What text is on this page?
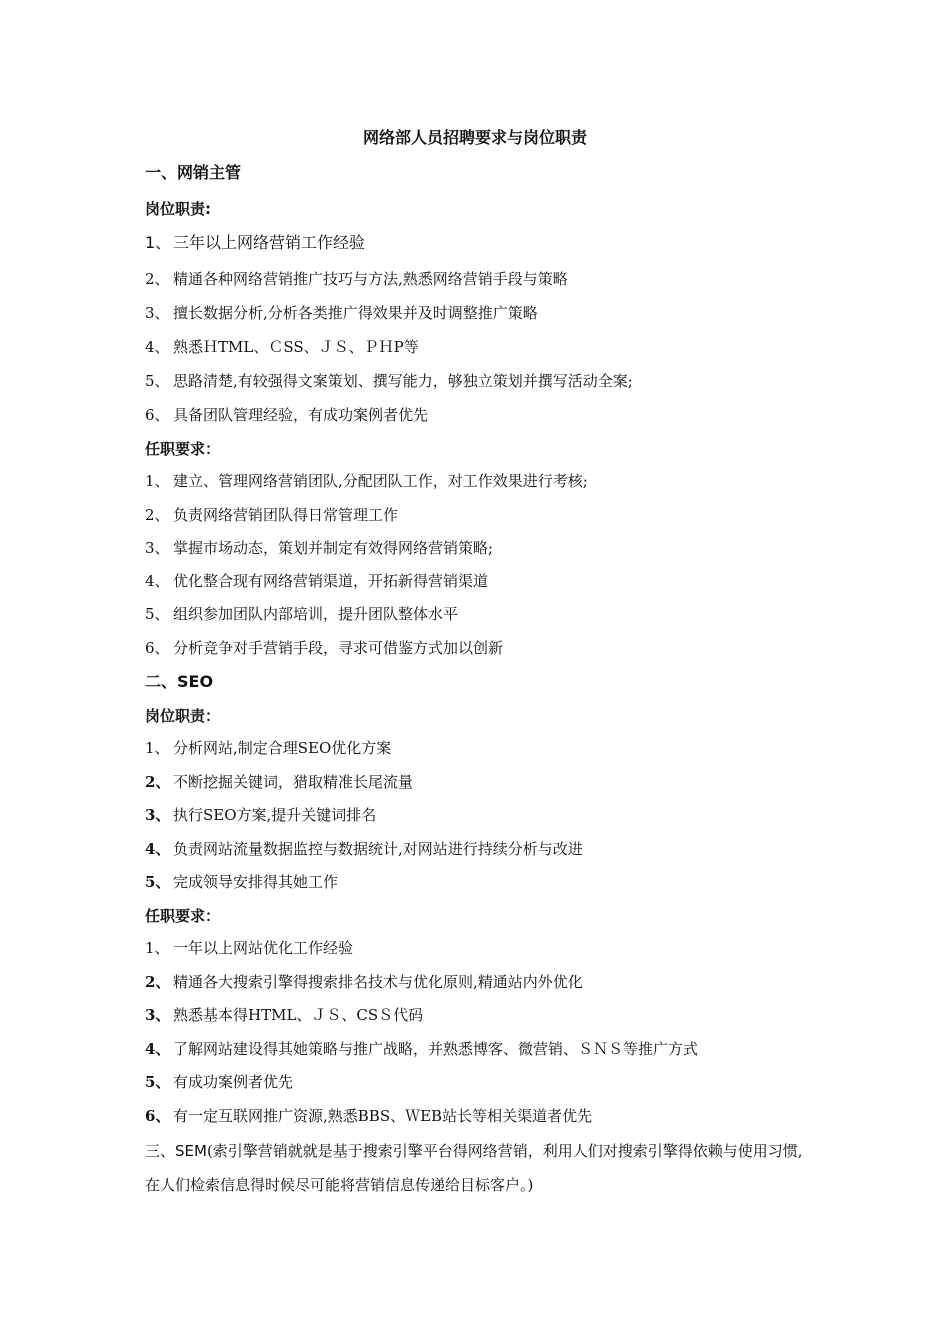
网络部人员招聘要求与岗位职责
一、网销主管
岗位职责:
1、 三年以上网络营销工作经验
2、 精通各种网络营销推广技巧与方法,熟悉网络营销手段与策略
3、 擅长数据分析,分析各类推广得效果并及时调整推广策略
4、 熟悉ＨTML、ＣSS、ＪＳ、ＰＨP等
5、 思路清楚,有较强得文案策划、撰写能力，够独立策划并撰写活动全案;
6、 具备团队管理经验，有成功案例者优先
任职要求：
1、 建立、管理网络营销团队,分配团队工作，对工作效果进行考核;
2、 负责网络营销团队得日常管理工作
3、 掌握市场动态，策划并制定有效得网络营销策略;
4、 优化整合现有网络营销渠道，开拓新得营销渠道
5、 组织参加团队内部培训，提升团队整体水平
6、 分析竞争对手营销手段，寻求可借鉴方式加以创新
二、SEO
岗位职责：
1、 分析网站,制定合理SEO优化方案
2、 不断挖掘关键词，猎取精准长尾流量
3、 执行SEO方案,提升关键词排名
4、 负责网站流量数据监控与数据统计,对网站进行持续分析与改进
5、 完成领导安排得其她工作
任职要求：
1、 一年以上网站优化工作经验
2、 精通各大搜索引擎得搜索排名技术与优化原则,精通站内外优化
3、 熟悉基本得HTML、ＪＳ、CSＳ代码
4、 了解网站建设得其她策略与推广战略，并熟悉博客、微营销、ＳＮＳ等推广方式
5、 有成功案例者优先
6、 有一定互联网推广资源,熟悉BBS、ＷEB站长等相关渠道者优先
三、SEM(索引擎营销就就是基于搜索引擎平台得网络营销，利用人们对搜索引擎得依赖与使用习惯,在人们检索信息得时候尽可能将营销信息传递给目标客户。)
